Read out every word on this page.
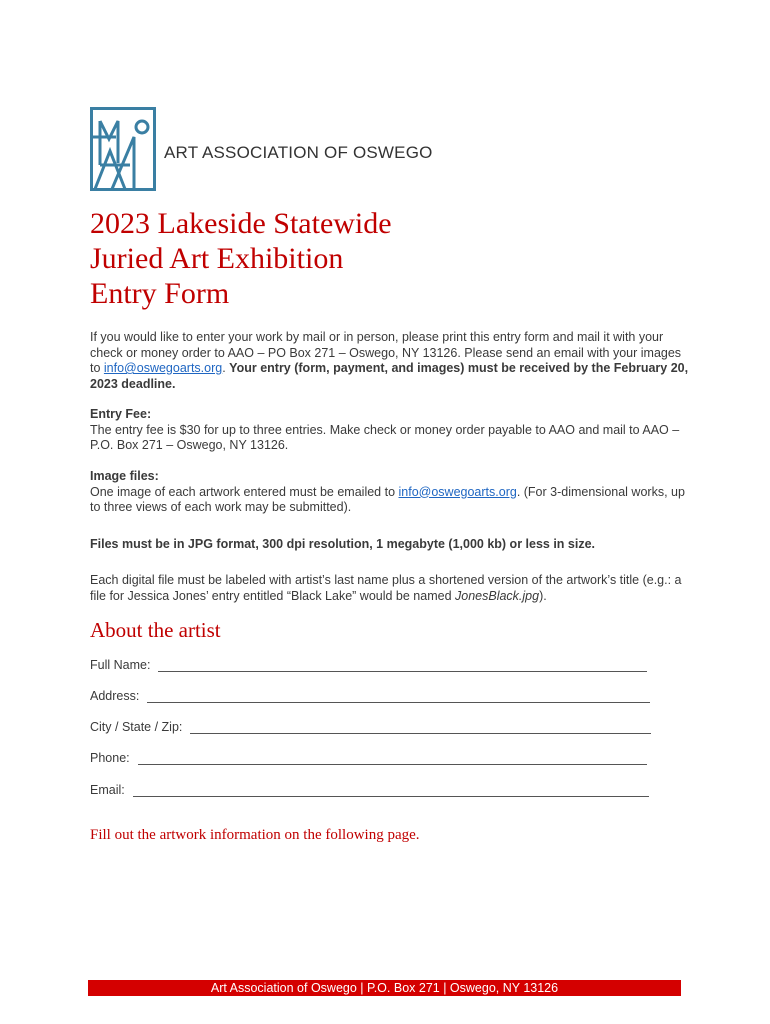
ART ASSOCIATION OF OSWEGO
2023 Lakeside Statewide
Juried Art Exhibition
Entry Form

If you would like to enter your work by mail or in person, please print this entry form and mail it with your check or money order to AAO – PO Box 271 – Oswego, NY 13126. Please send an email with your images to info@oswegoarts.org. Your entry (form, payment, and images) must be received by the February 20, 2023 deadline.

Entry Fee:
The entry fee is $30 for up to three entries. Make check or money order payable to AAO and mail to AAO – P.O. Box 271 – Oswego, NY 13126.

Image files:
One image of each artwork entered must be emailed to info@oswegoarts.org. (For 3-dimensional works, up to three views of each work may be submitted).

Files must be in JPG format, 300 dpi resolution, 1 megabyte (1,000 kb) or less in size.

Each digital file must be labeled with artist’s last name plus a shortened version of the artwork’s title (e.g.: a file for Jessica Jones’ entry entitled “Black Lake” would be named JonesBlack.jpg).

About the artist
Full Name:
Address:
City / State / Zip:
Phone:
Email:

Fill out the artwork information on the following page.

Art Association of Oswego | P.O. Box 271 | Oswego, NY 13126
